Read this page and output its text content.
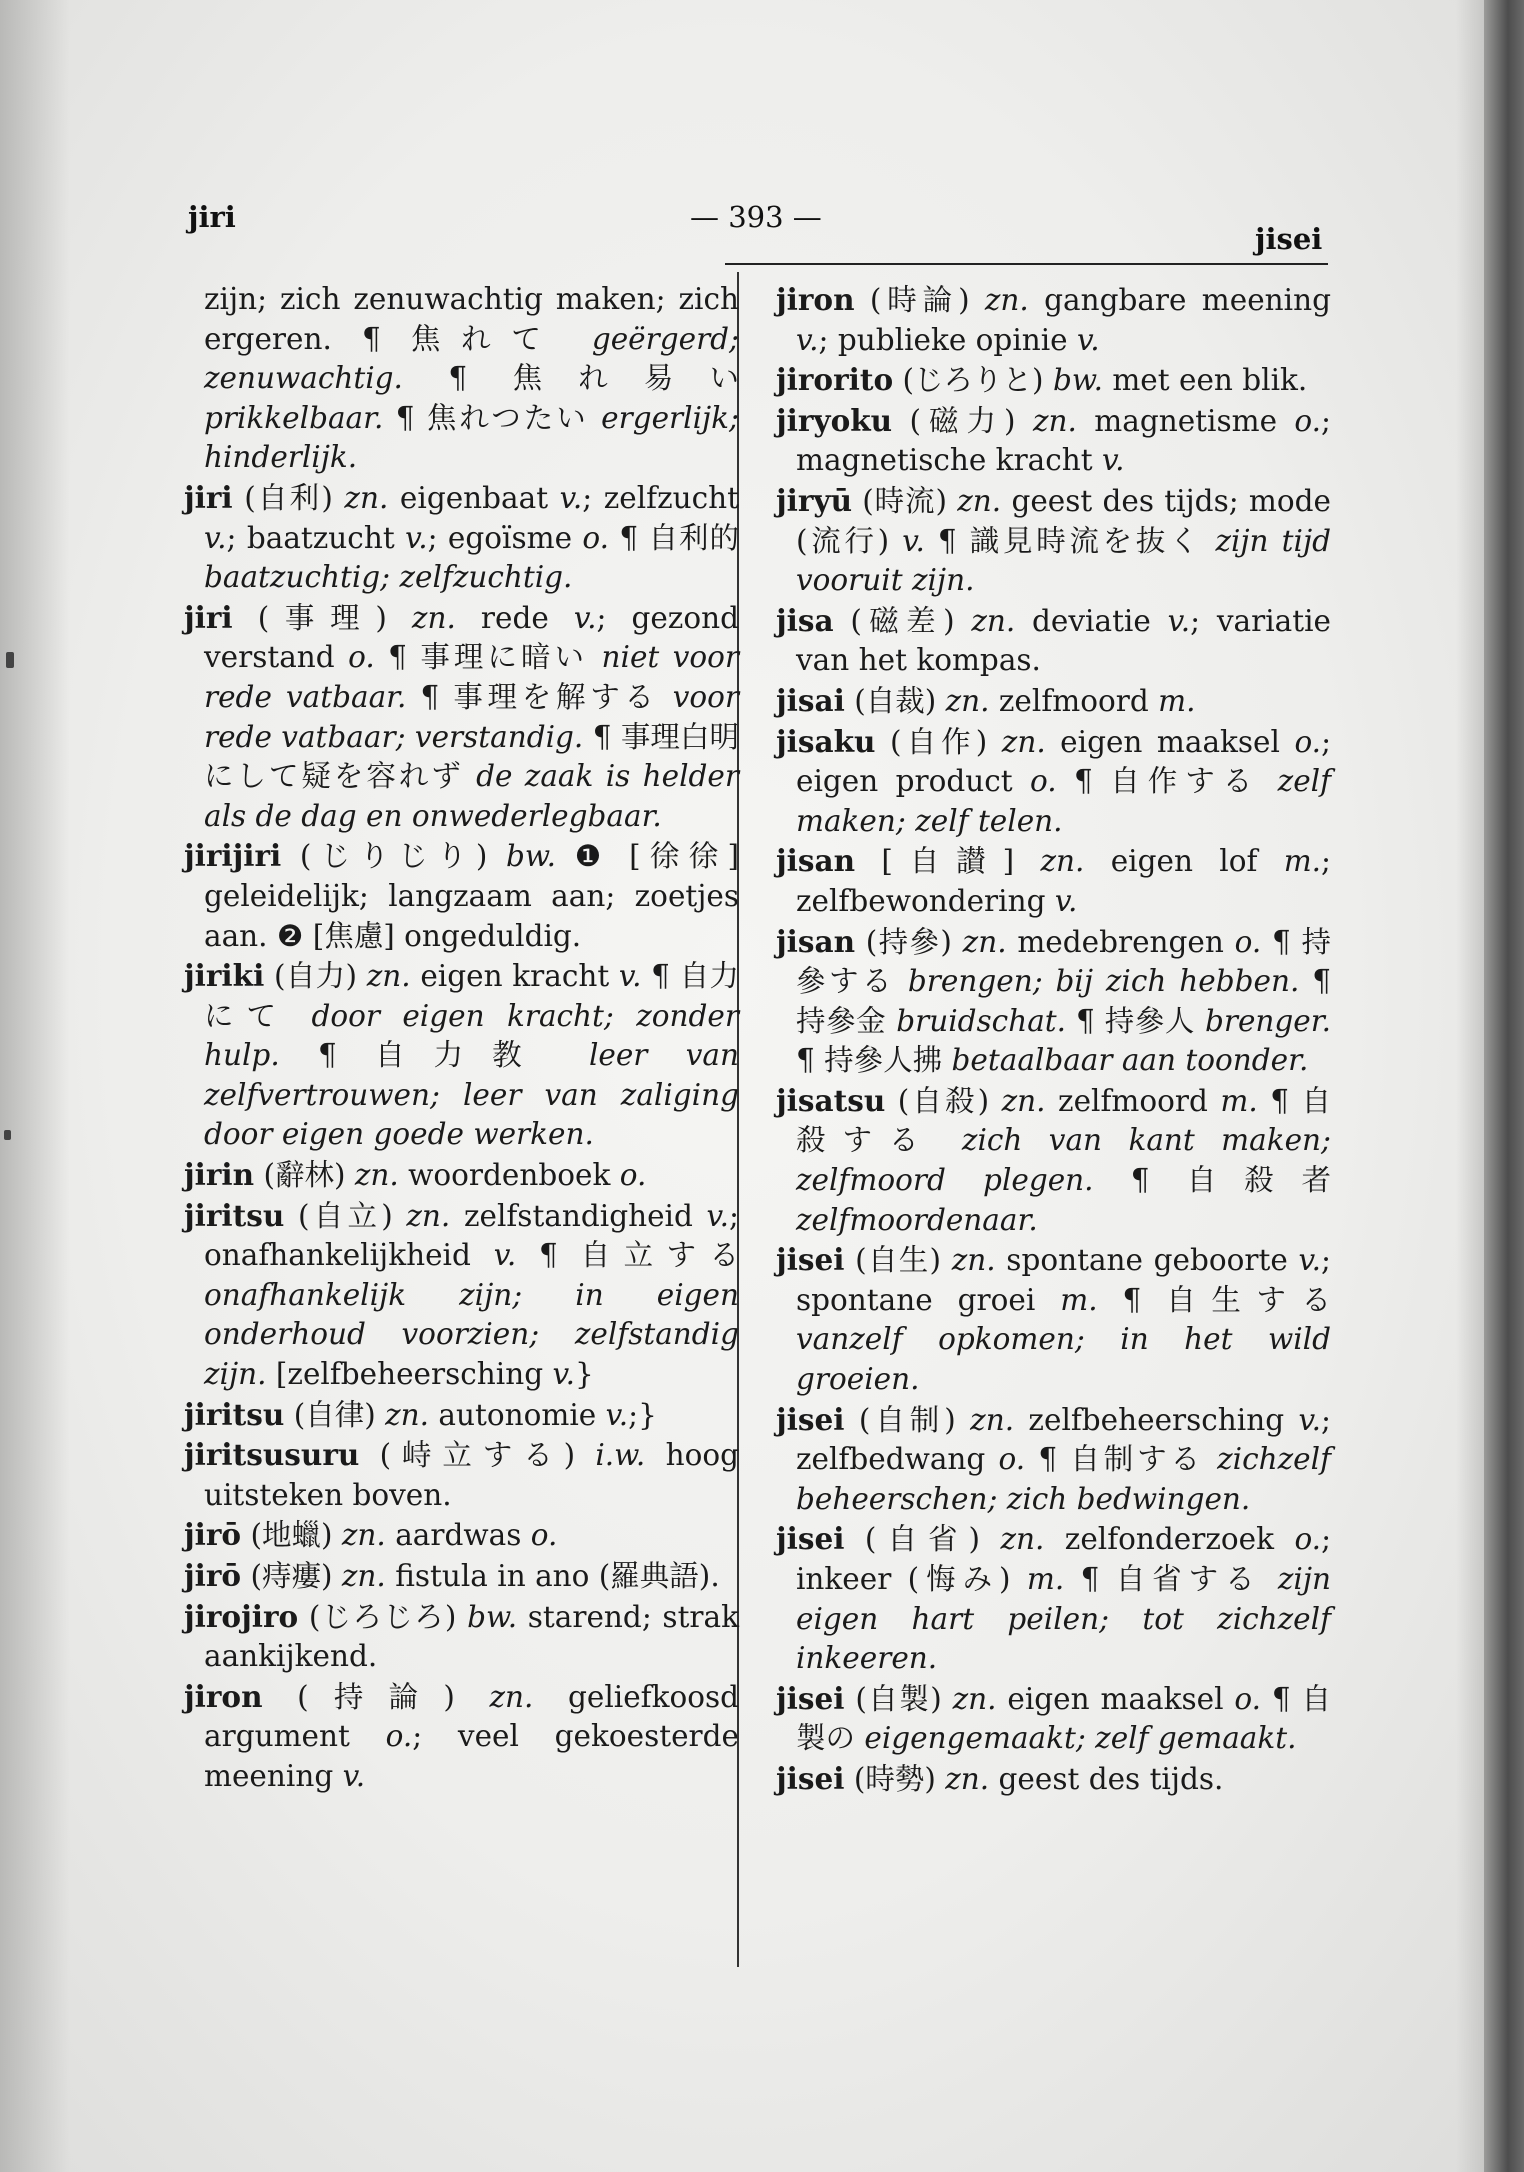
jiri	— 393 —
jisei

zijn; zich zenuwachtig maken; zich ergeren. ¶ 焦れて geërgerd; zenuwachtig. ¶ 焦れ易い prikkelbaar. ¶ 焦れつたい ergerlijk; hinderlijk.

jiri (自利) zn. eigenbaat v.; zelfzucht v.; baatzucht v.; egoïsme o. ¶ 自利的 baatzuchtig; zelfzuchtig.

jiri (事理) zn. rede v.; gezond verstand o. ¶ 事理に暗い niet voor rede vatbaar. ¶ 事理を解する voor rede vatbaar; verstandig. ¶ 事理白明にして疑を容れず de zaak is helder als de dag en onwederlegbaar.

jirijiri (じりじり) bw. ❶ [徐徐] geleidelijk; langzaam aan; zoetjes aan. ❷ [焦慮] ongeduldig.

jiriki (自力) zn. eigen kracht v. ¶ 自力にて door eigen kracht; zonder hulp. ¶ 自力教 leer van zelfvertrouwen; leer van zaliging door eigen goede werken.

jirin (辭林) zn. woordenboek o.

jiritsu (自立) zn. zelfstandigheid v.; onafhankelijkheid v. ¶ 自立する onafhankelijk zijn; in eigen onderhoud voorzien; zelfstandig zijn. [zelfbeheersching v.}

jiritsu (自律) zn. autonomie v.;}

jiritsusuru (峙立する) i.w. hoog uitsteken boven.

jirō (地蠟) zn. aardwas o.

jirō (痔瘻) zn. fistula in ano (羅典語).

jirojiro (じろじろ) bw. starend; strak aankijkend.

jiron (持論) zn. geliefkoosd argument o.; veel gekoesterde meening v.

jiron (時論) zn. gangbare meening v.; publieke opinie v.

jirorito (じろりと) bw. met een blik.

jiryoku (磁力) zn. magnetisme o.; magnetische kracht v.

jiryū (時流) zn. geest des tijds; mode (流行) v. ¶ 識見時流を抜く zijn tijd vooruit zijn.

jisa (磁差) zn. deviatie v.; variatie van het kompas.

jisai (自裁) zn. zelfmoord m.

jisaku (自作) zn. eigen maaksel o.; eigen product o. ¶ 自作する zelf maken; zelf telen.

jisan [自讃] zn. eigen lof m.; zelfbewondering v.

jisan (持參) zn. medebrengen o. ¶ 持參する brengen; bij zich hebben. ¶ 持參金 bruidschat. ¶ 持參人 brenger. ¶ 持參人拂 betaalbaar aan toonder.

jisatsu (自殺) zn. zelfmoord m. ¶ 自殺する zich van kant maken; zelfmoord plegen. ¶ 自殺者 zelfmoordenaar.

jisei (自生) zn. spontane geboorte v.; spontane groei m. ¶ 自生する vanzelf opkomen; in het wild groeien.

jisei (自制) zn. zelfbeheersching v.; zelfbedwang o. ¶ 自制する zichzelf beheerschen; zich bedwingen.

jisei (自省) zn. zelfonderzoek o.; inkeer (悔み) m. ¶ 自省する zijn eigen hart peilen; tot zichzelf inkeeren.

jisei (自製) zn. eigen maaksel o. ¶ 自製の eigengemaakt; zelf gemaakt.

jisei (時勢) zn. geest des tijds.
